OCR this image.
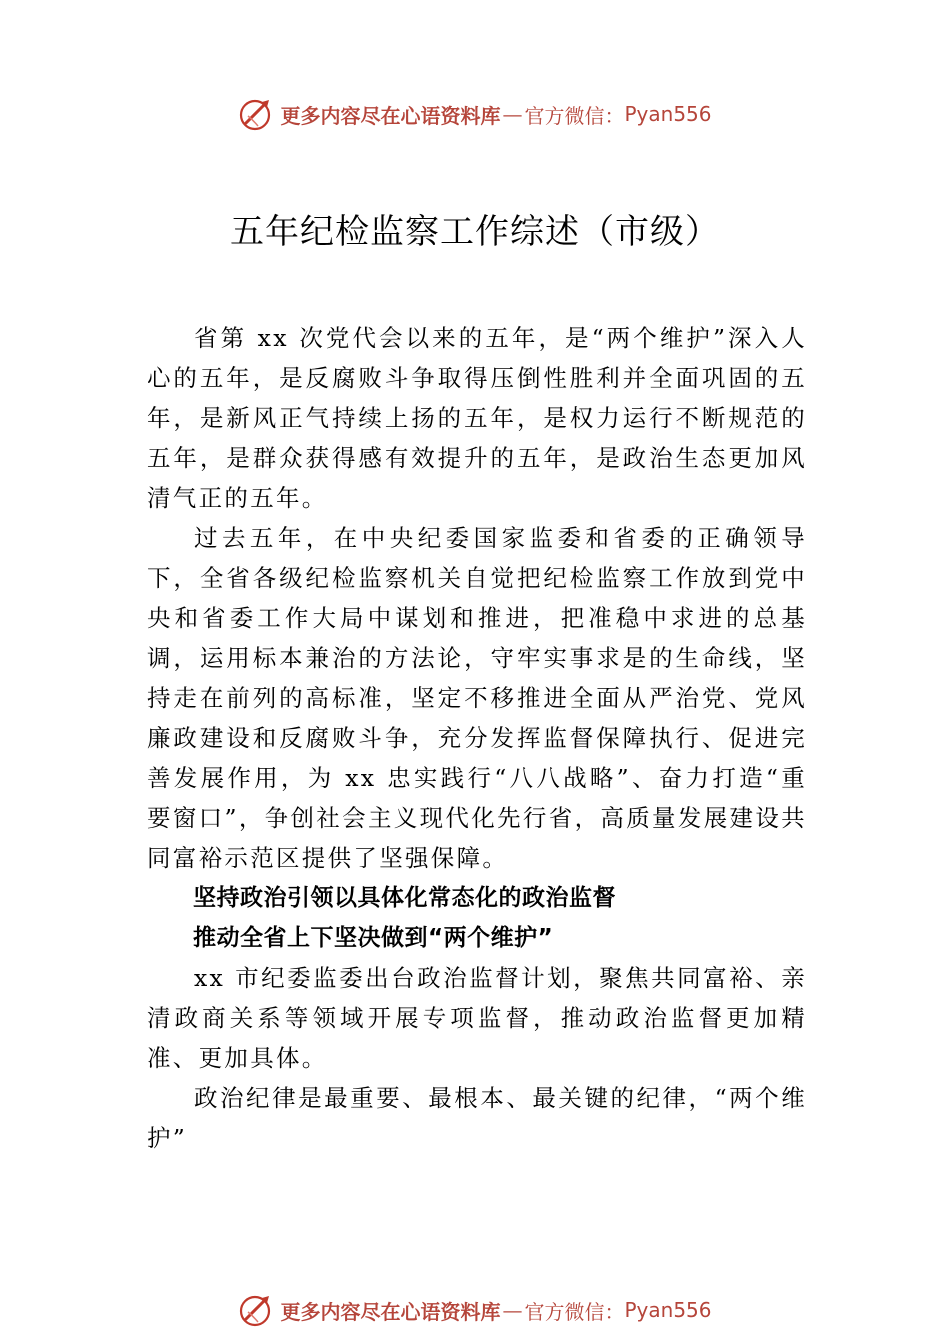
更多内容尽在心语资料库 — 官方微信： Pyan556
五年纪检监察工作综述（市级）

省第 xx 次党代会以来的五年，是“两个维护”深入人心的五年，是反腐败斗争取得压倒性胜利并全面巩固的五年，是新风正气持续上扬的五年，是权力运行不断规范的五年，是群众获得感有效提升的五年，是政治生态更加风清气正的五年。

过去五年，在中央纪委国家监委和省委的正确领导下，全省各级纪检监察机关自觉把纪检监察工作放到党中央和省委工作大局中谋划和推进，把准稳中求进的总基调，运用标本兼治的方法论，守牢实事求是的生命线，坚持走在前列的高标准，坚定不移推进全面从严治党、党风廉政建设和反腐败斗争，充分发挥监督保障执行、促进完善发展作用，为 xx 忠实践行“八八战略”、奋力打造“重要窗口”，争创社会主义现代化先行省，高质量发展建设共同富裕示范区提供了坚强保障。

坚持政治引领以具体化常态化的政治监督

推动全省上下坚决做到“两个维护”

xx 市纪委监委出台政治监督计划，聚焦共同富裕、亲清政商关系等领域开展专项监督，推动政治监督更加精准、更加具体。

政治纪律是最重要、最根本、最关键的纪律，“两个维护”

更多内容尽在心语资料库 — 官方微信： Pyan556
